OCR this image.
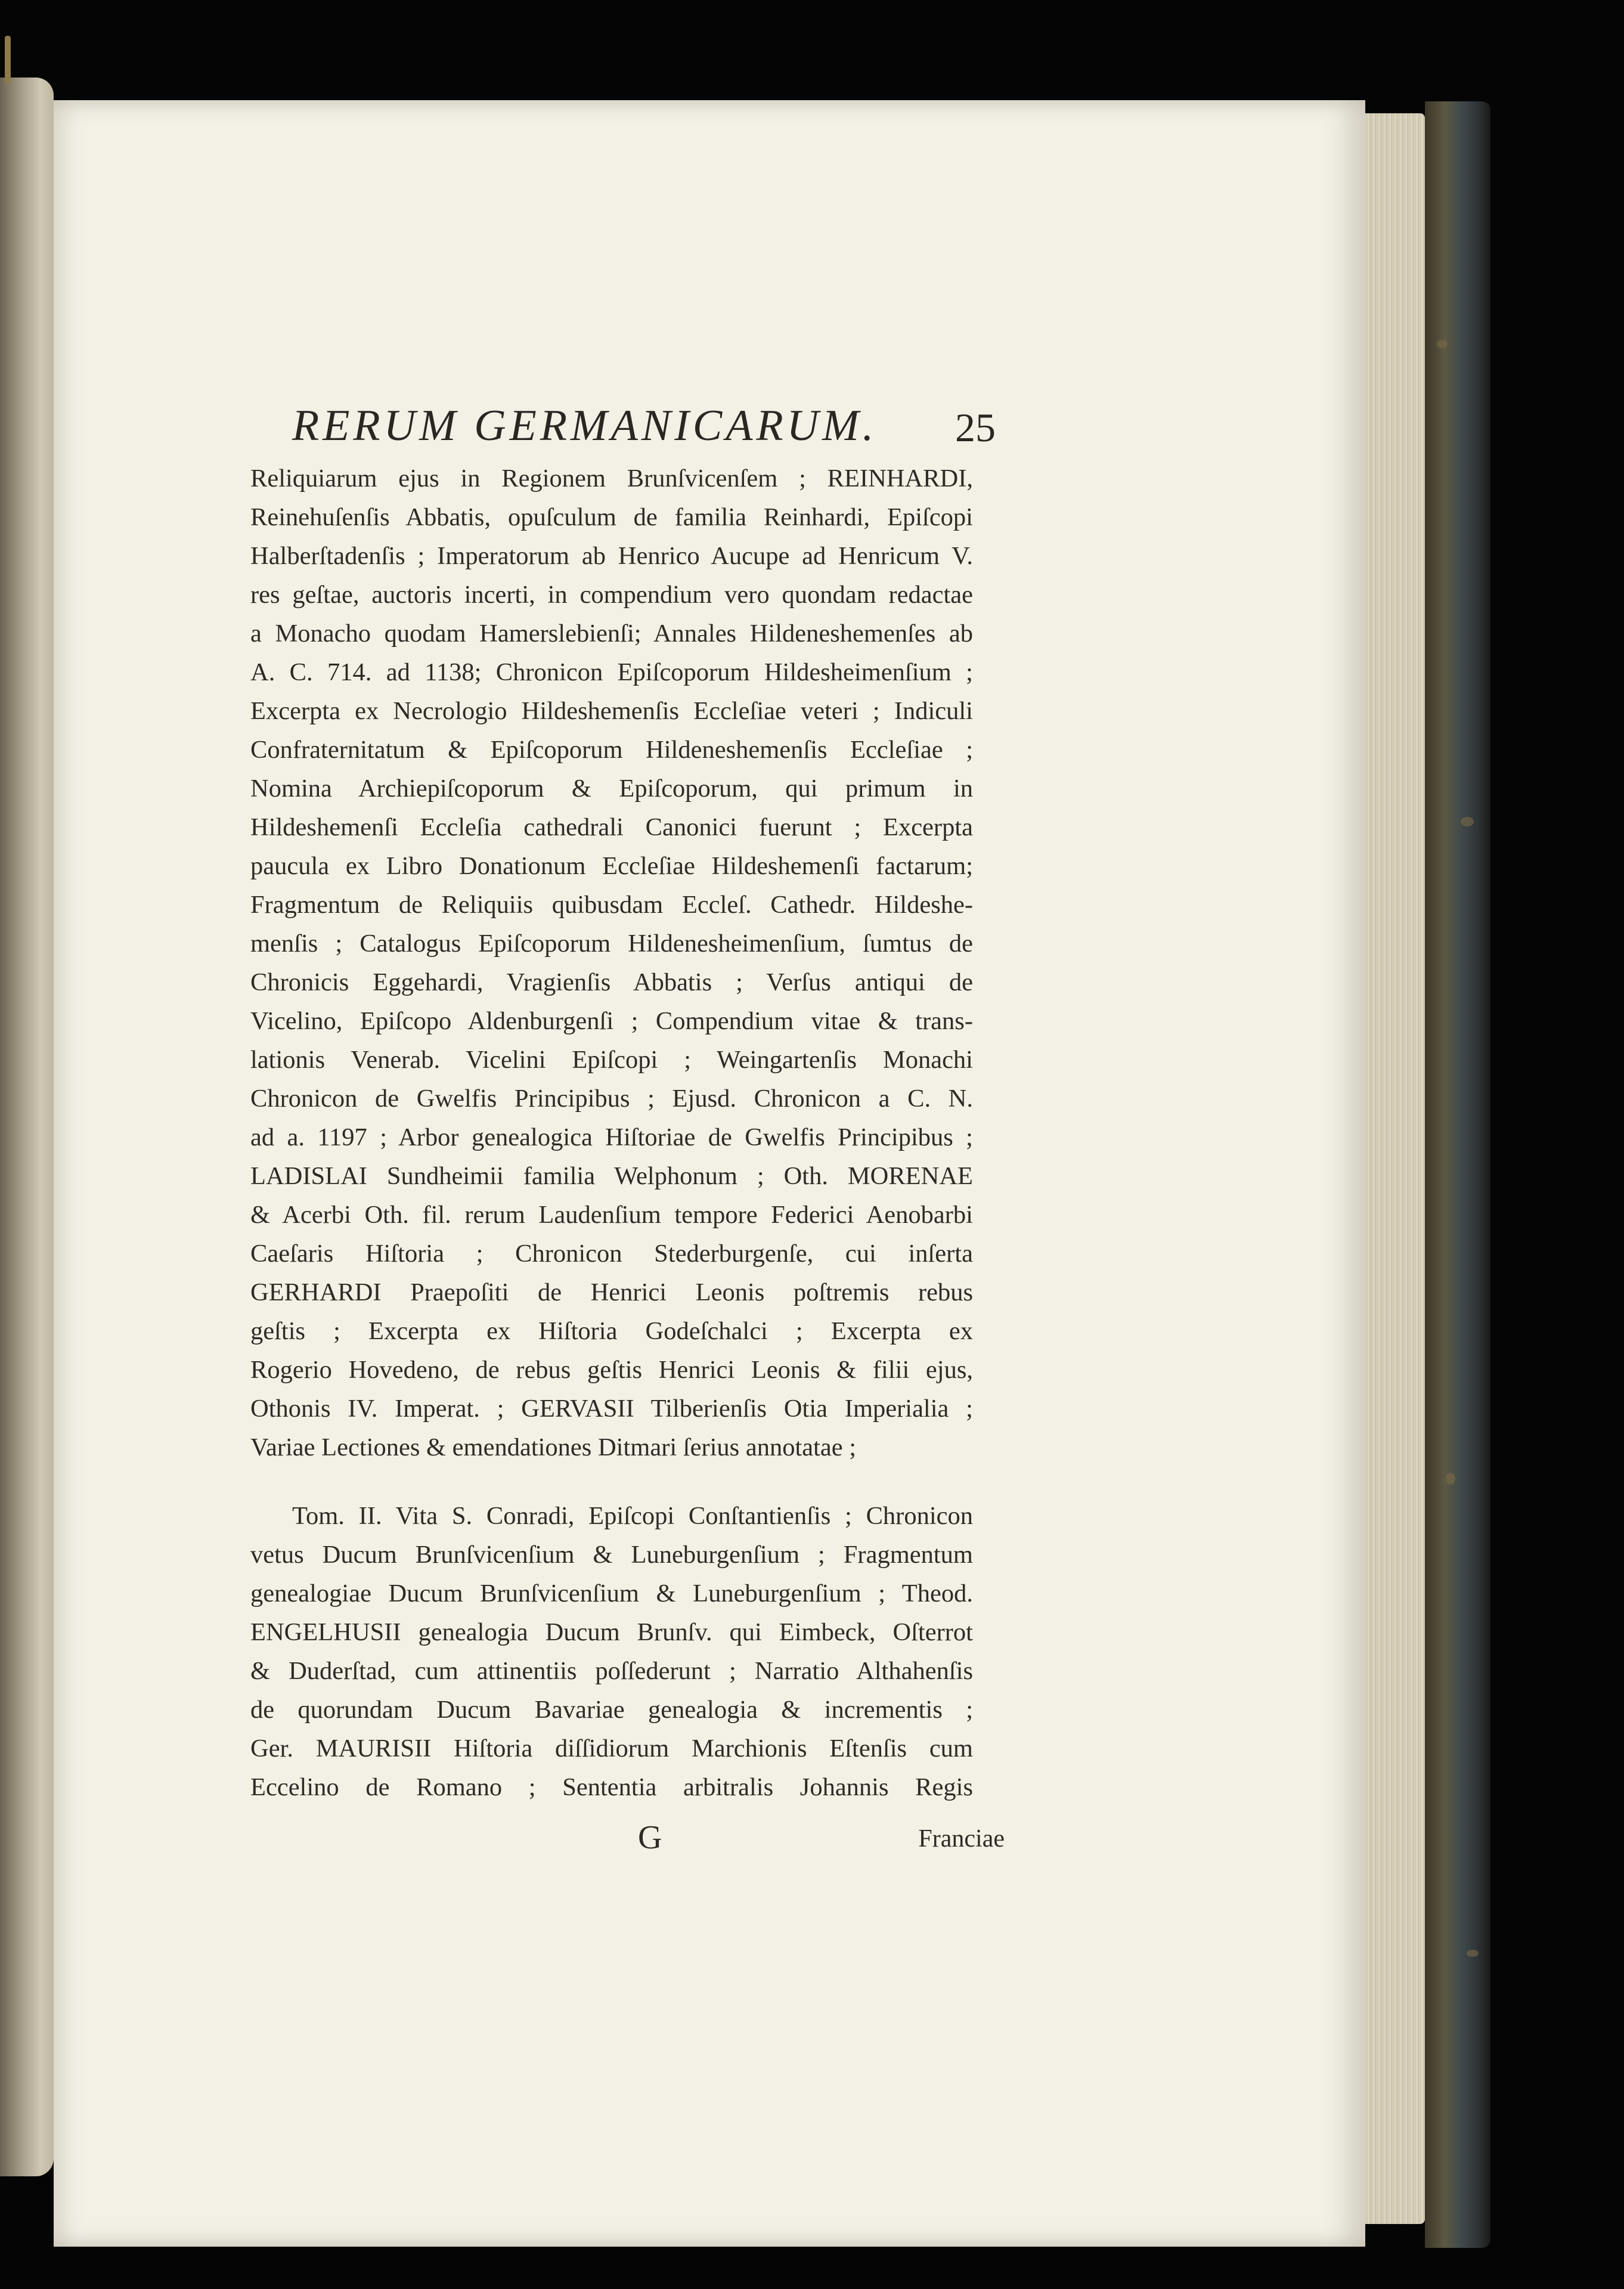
RERUM GERMANICARUM. 25
Reliquiarum ejus in Regionem Brunſvicenſem ; REINHARDI,
Reinehuſenſis Abbatis, opuſculum de familia Reinhardi, Epiſcopi
Halberſtadenſis ; Imperatorum ab Henrico Aucupe ad Henricum V.
res geſtae, auctoris incerti, in compendium vero quondam redactae
a Monacho quodam Hamerslebienſi; Annales Hildeneshemenſes ab
A. C. 714. ad 1138; Chronicon Epiſcoporum Hildesheimenſium ;
Excerpta ex Necrologio Hildeshemenſis Eccleſiae veteri ; Indiculi
Confraternitatum & Epiſcoporum Hildeneshemenſis Eccleſiae ;
Nomina Archiepiſcoporum & Epiſcoporum, qui primum in
Hildeshemenſi Eccleſia cathedrali Canonici fuerunt ; Excerpta
paucula ex Libro Donationum Eccleſiae Hildeshemenſi factarum;
Fragmentum de Reliquiis quibusdam Eccleſ. Cathedr. Hildeshe-
menſis ; Catalogus Epiſcoporum Hildenesheimenſium, ſumtus de
Chronicis Eggehardi, Vragienſis Abbatis ; Verſus antiqui de
Vicelino, Epiſcopo Aldenburgenſi ; Compendium vitae & trans-
lationis Venerab. Vicelini Epiſcopi ; Weingartenſis Monachi
Chronicon de Gwelfis Principibus ; Ejusd. Chronicon a C. N.
ad a. 1197 ; Arbor genealogica Hiſtoriae de Gwelfis Principibus ;
LADISLAI Sundheimii familia Welphonum ; Oth. MORENAE
& Acerbi Oth. fil. rerum Laudenſium tempore Federici Aenobarbi
Caeſaris Hiſtoria ; Chronicon Stederburgenſe, cui inſerta
GERHARDI Praepoſiti de Henrici Leonis poſtremis rebus
geſtis ; Excerpta ex Hiſtoria Godeſchalci ; Excerpta ex
Rogerio Hovedeno, de rebus geſtis Henrici Leonis & filii ejus,
Othonis IV. Imperat. ; GERVASII Tilberienſis Otia Imperialia ;
Variae Lectiones & emendationes Ditmari ſerius annotatae ;
Tom. II. Vita S. Conradi, Epiſcopi Conſtantienſis ; Chronicon
vetus Ducum Brunſvicenſium & Luneburgenſium ; Fragmentum
genealogiae Ducum Brunſvicenſium & Luneburgenſium ; Theod.
ENGELHUSII genealogia Ducum Brunſv. qui Eimbeck, Oſterrot
& Duderſtad, cum attinentiis poſſederunt ; Narratio Althahenſis
de quorundam Ducum Bavariae genealogia & incrementis ;
Ger. MAURISII Hiſtoria diſſidiorum Marchionis Eſtenſis cum
Eccelino de Romano ; Sententia arbitralis Johannis Regis
G	Franciae
